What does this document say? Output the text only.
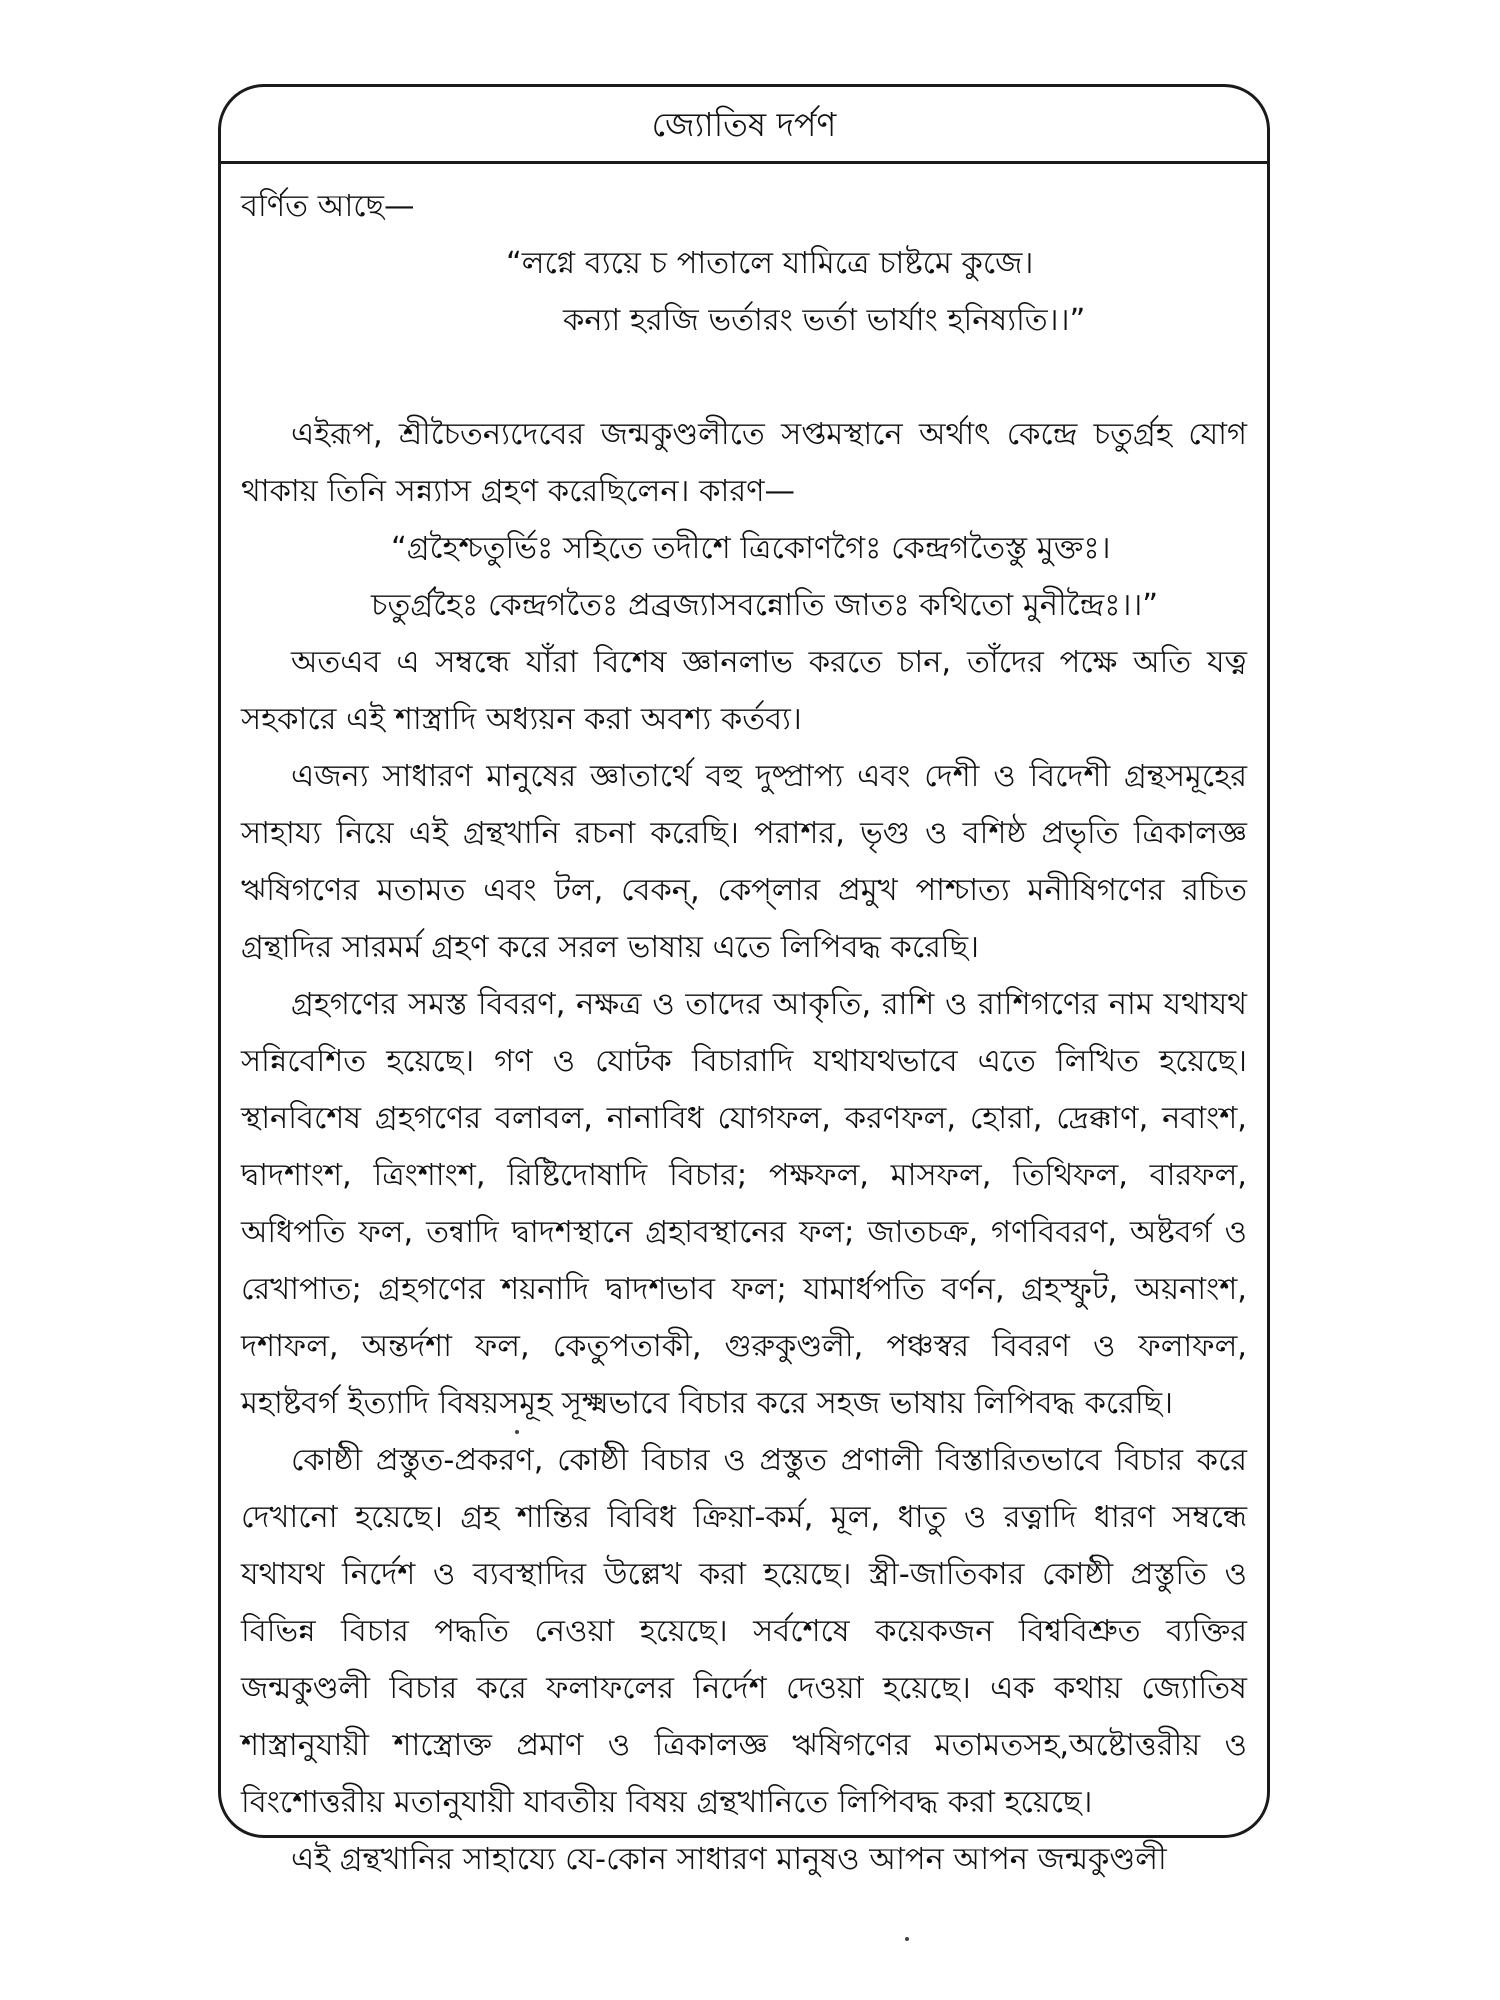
জ্যোতিষ দর্পণ

বর্ণিত আছে—

“লগ্নে ব্যয়ে চ পাতালে যামিত্রে চাষ্টমে কুজে।
কন্যা হরজি ভর্তারং ভর্তা ভার্যাং হনিষ্যতি।।”

এইরূপ, শ্রীচৈতন্যদেবের জন্মকুণ্ডলীতে সপ্তমস্থানে অর্থাৎ কেন্দ্রে চতুর্গ্রহ যোগ থাকায় তিনি সন্ন্যাস গ্রহণ করেছিলেন। কারণ—

“গ্রহৈশ্চতুর্ভিঃ সহিতে তদীশে ত্রিকোণগৈঃ কেন্দ্রগতৈস্তু মুক্তঃ।
চতুর্গ্রহৈঃ কেন্দ্রগতৈঃ প্রব্রজ্যাসবন্নোতি জাতঃ কথিতো মুনীন্দ্রৈঃ।।”

অতএব এ সম্বন্ধে যাঁরা বিশেষ জ্ঞানলাভ করতে চান, তাঁদের পক্ষে অতি যত্ন সহকারে এই শাস্ত্রাদি অধ্যয়ন করা অবশ্য কর্তব্য।

এজন্য সাধারণ মানুষের জ্ঞাতার্থে বহু দুষ্প্রাপ্য এবং দেশী ও বিদেশী গ্রন্থসমূহের সাহায্য নিয়ে এই গ্রন্থখানি রচনা করেছি। পরাশর, ভৃগু ও বশিষ্ঠ প্রভৃতি ত্রিকালজ্ঞ ঋষিগণের মতামত এবং টল, বেকন্, কেপ্‌লার প্রমুখ পাশ্চাত্য মনীষিগণের রচিত গ্রন্থাদির সারমর্ম গ্রহণ করে সরল ভাষায় এতে লিপিবদ্ধ করেছি।

গ্রহগণের সমস্ত বিবরণ, নক্ষত্র ও তাদের আকৃতি, রাশি ও রাশিগণের নাম যথাযথ সন্নিবেশিত হয়েছে। গণ ও যোটক বিচারাদি যথাযথভাবে এতে লিখিত হয়েছে। স্থানবিশেষ গ্রহগণের বলাবল, নানাবিধ যোগফল, করণফল, হোরা, দ্রেক্কাণ, নবাংশ, দ্বাদশাংশ, ত্রিংশাংশ, রিষ্টিদোষাদি বিচার; পক্ষফল, মাসফল, তিথিফল, বারফল, অধিপতি ফল, তন্বাদি দ্বাদশস্থানে গ্রহাবস্থানের ফল; জাতচক্র, গণবিবরণ, অষ্টবর্গ ও রেখাপাত; গ্রহগণের শয়নাদি দ্বাদশভাব ফল; যামার্ধপতি বর্ণন, গ্রহস্ফুট, অয়নাংশ, দশাফল, অন্তর্দশা ফল, কেতুপতাকী, গুরুকুণ্ডলী, পঞ্চস্বর বিবরণ ও ফলাফল, মহাষ্টবর্গ ইত্যাদি বিষয়সমূহ সূক্ষ্মভাবে বিচার করে সহজ ভাষায় লিপিবদ্ধ করেছি।

কোষ্ঠী প্রস্তুত-প্রকরণ, কোষ্ঠী বিচার ও প্রস্তুত প্রণালী বিস্তারিতভাবে বিচার করে দেখানো হয়েছে। গ্রহ শান্তির বিবিধ ক্রিয়া-কর্ম, মূল, ধাতু ও রত্নাদি ধারণ সম্বন্ধে যথাযথ নির্দেশ ও ব্যবস্থাদির উল্লেখ করা হয়েছে। স্ত্রী-জাতিকার কোষ্ঠী প্রস্তুতি ও বিভিন্ন বিচার পদ্ধতি নেওয়া হয়েছে। সর্বশেষে কয়েকজন বিশ্ববিশ্রুত ব্যক্তির জন্মকুণ্ডলী বিচার করে ফলাফলের নির্দেশ দেওয়া হয়েছে। এক কথায় জ্যোতিষ শাস্ত্রানুযায়ী শাস্ত্রোক্ত প্রমাণ ও ত্রিকালজ্ঞ ঋষিগণের মতামতসহ,অষ্টোত্তরীয় ও বিংশোত্তরীয় মতানুযায়ী যাবতীয় বিষয় গ্রন্থখানিতে লিপিবদ্ধ করা হয়েছে।

এই গ্রন্থখানির সাহায্যে যে-কোন সাধারণ মানুষও আপন আপন জন্মকুণ্ডলী
